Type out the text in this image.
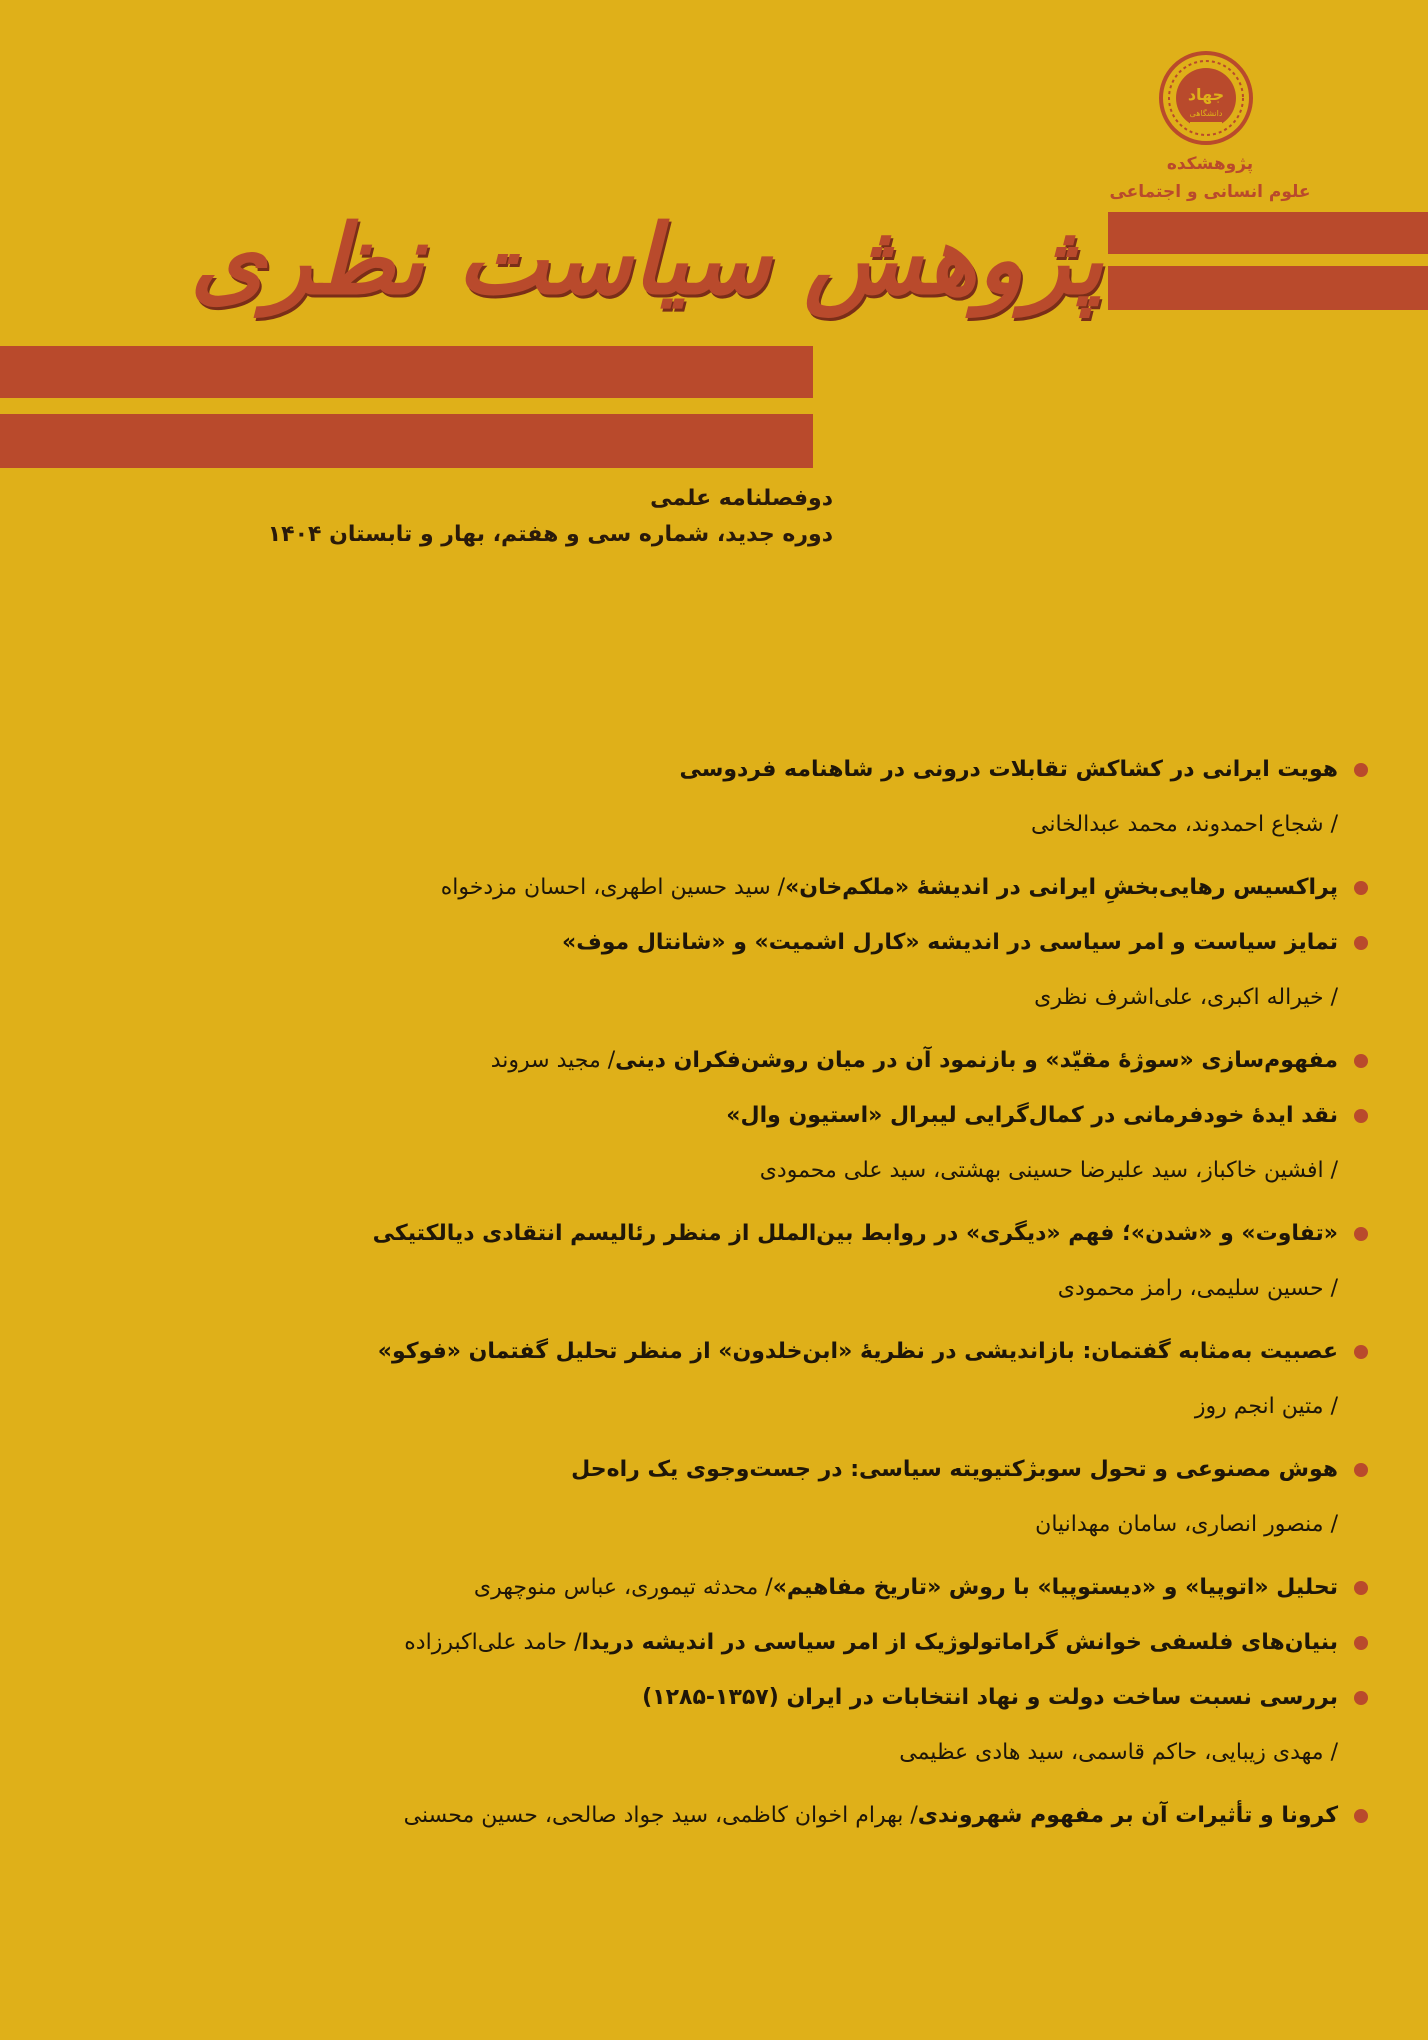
جهاد
دانشگاهی
پژوهشکده
علوم انسانی و اجتماعی
پژوهش سیاست نظری
دوفصلنامه علمی
دوره جدید، شماره سی و هفتم، بهار و تابستان ۱۴۰۴
هویت ایرانی در کشاکش تقابلات درونی در شاهنامه فردوسی
/ شجاع احمدوند، محمد عبدالخانی
پراکسیس رهایی‌بخشِ ایرانی در اندیشۀ «ملکم‌خان»/ سید حسین اطهری، احسان مزدخواه
تمایز سیاست و امر سیاسی در اندیشه «کارل اشمیت» و «شانتال موف»
/ خیراله اکبری، علی‌اشرف نظری
مفهوم‌سازی «سوژۀ مقیّد» و بازنمود آن در میان روشن‌فکران دینی/ مجید سروند
نقد ایدۀ خودفرمانی در کمال‌گرایی لیبرال «استیون وال»
/ افشین خاکباز، سید علیرضا حسینی بهشتی، سید علی محمودی
«تفاوت» و «شدن»؛ فهم «دیگری» در روابط بین‌الملل از منظر رئالیسم انتقادی دیالکتیکی
/ حسین سلیمی، رامز محمودی
عصبیت به‌مثابه گفتمان: بازاندیشی در نظریۀ «ابن‌خلدون» از منظر تحلیل گفتمان «فوکو»
/ متین انجم روز
هوش مصنوعی و تحول سوبژکتیویته سیاسی: در جست‌وجوی یک راه‌حل
/ منصور انصاری، سامان مهدانیان
تحلیل «اتوپیا» و «دیستوپیا» با روش «تاریخ مفاهیم»/ محدثه تیموری، عباس منوچهری
بنیان‌های فلسفی خوانش گراماتولوژیک از امر سیاسی در اندیشه دریدا/ حامد علی‌اکبرزاده
بررسی نسبت ساخت دولت و نهاد انتخابات در ایران (۱۳۵۷-۱۲۸۵)
/ مهدی زیبایی، حاکم قاسمی، سید هادی عظیمی
کرونا و تأثیرات آن بر مفهوم شهروندی/ بهرام اخوان کاظمی، سید جواد صالحی، حسین محسنی
